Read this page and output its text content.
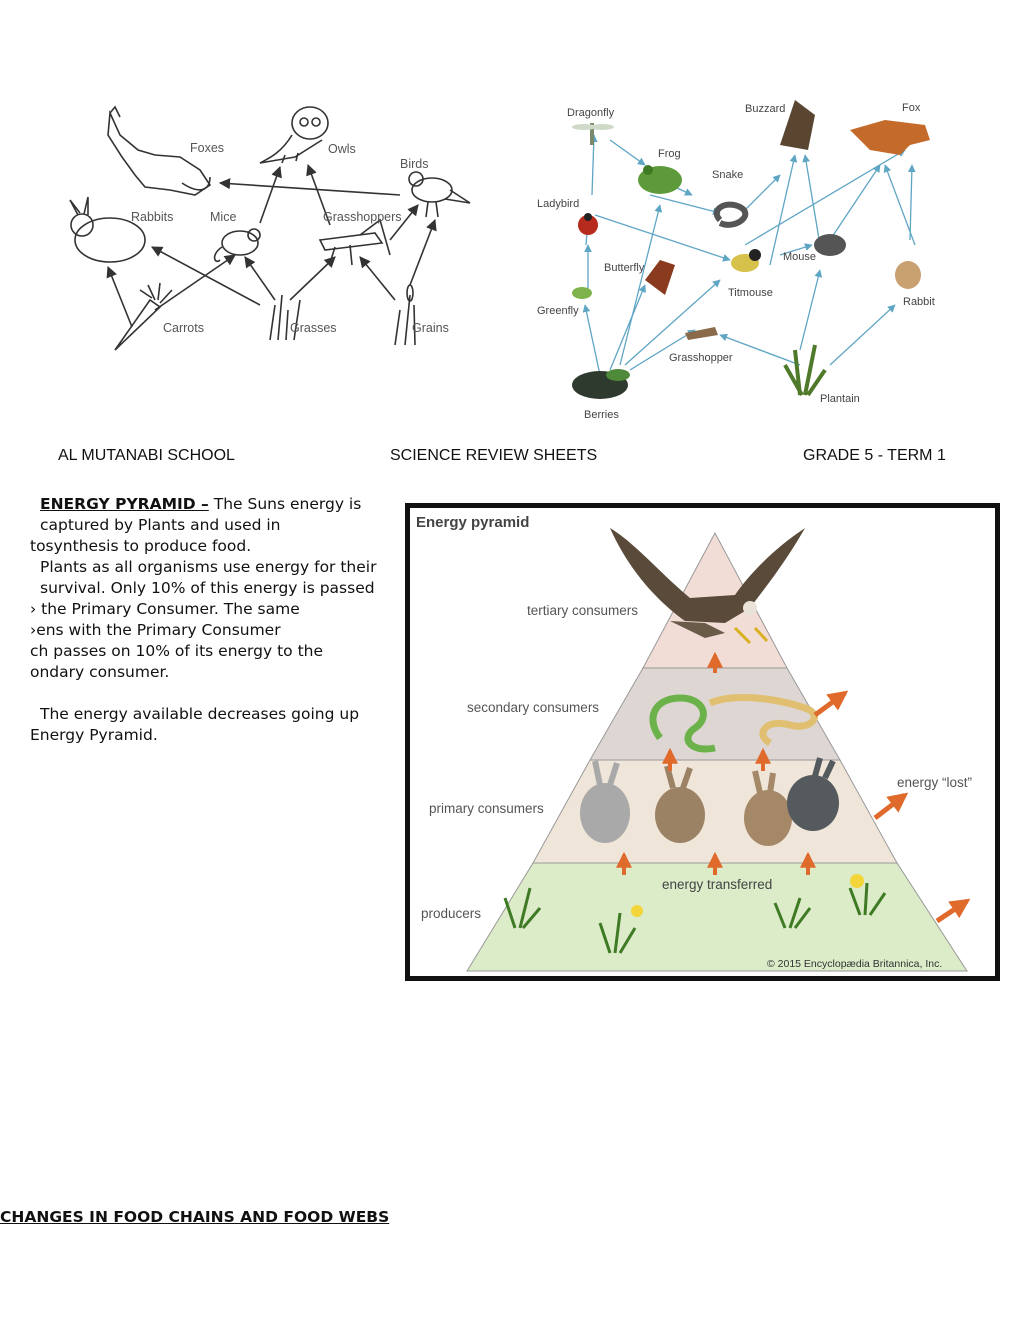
Foxes	Owls
Birds
Rabbits	Mice	Grasshoppers
Carrots	Grasses	Grains
Dragonfly	Buzzard	Fox
Frog
Snake
Ladybird
Mouse
Butterfly
Titmouse
Rabbit
Greenfly
Grasshopper
Plantain
Berries
AL MUTANABI SCHOOL	SCIENCE REVIEW SHEETS	GRADE 5 - TERM 1

ENERGY PYRAMID – The Suns energy is

captured by Plants and used in

tosynthesis to produce food.

Plants as all organisms use energy for their

survival. Only 10% of this energy is passed

› the Primary Consumer. The same

›ens with the Primary Consumer

ch passes on 10% of its energy to the

ondary consumer.

The energy available decreases going up

Energy Pyramid.

Energy pyramid
tertiary consumers
secondary consumers
primary consumers
producers
energy transferred
energy “lost”
© 2015 Encyclopædia Britannica, Inc.
CHANGES IN FOOD CHAINS AND FOOD WEBS
